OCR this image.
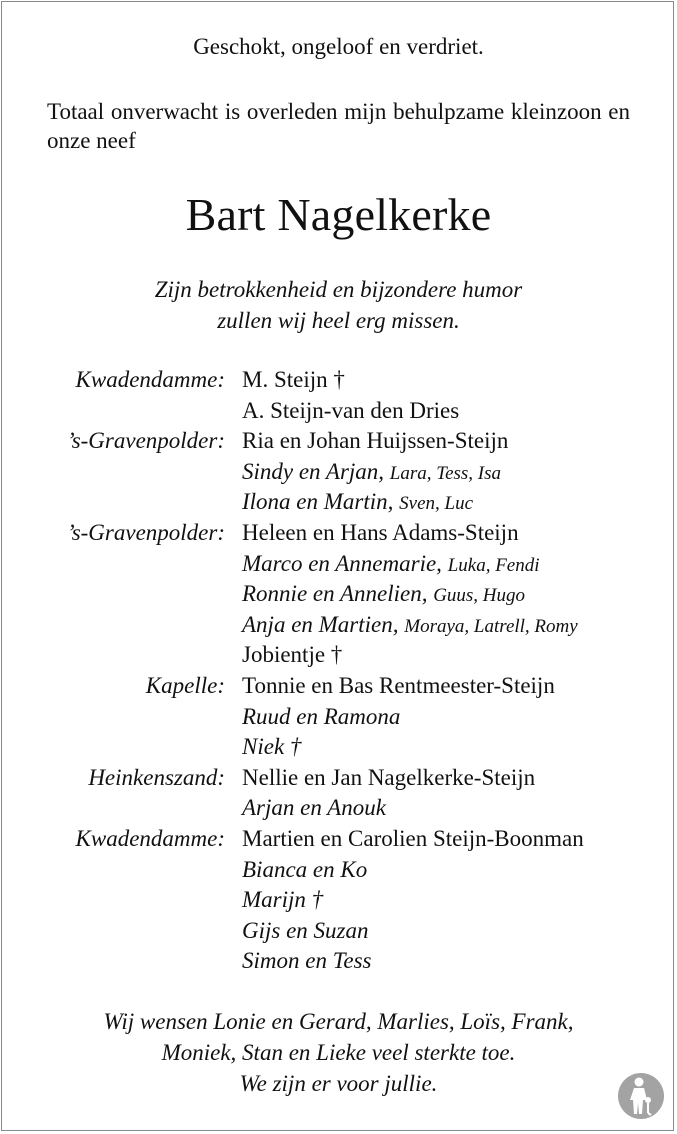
Geschokt, ongeloof en verdriet.
Totaal onverwacht is overleden mijn behulpzame kleinzoon en onze neef
Bart Nagelkerke
Zijn betrokkenheid en bijzondere humor
zullen wij heel erg missen.
Kwadendamme: M. Steijn †
A. Steijn-van den Dries
’s-Gravenpolder: Ria en Johan Huijssen-Steijn
Sindy en Arjan, Lara, Tess, Isa
Ilona en Martin, Sven, Luc
’s-Gravenpolder: Heleen en Hans Adams-Steijn
Marco en Annemarie, Luka, Fendi
Ronnie en Annelien, Guus, Hugo
Anja en Martien, Moraya, Latrell, Romy
Jobientje †
Kapelle: Tonnie en Bas Rentmeester-Steijn
Ruud en Ramona
Niek †
Heinkenszand: Nellie en Jan Nagelkerke-Steijn
Arjan en Anouk
Kwadendamme: Martien en Carolien Steijn-Boonman
Bianca en Ko
Marijn †
Gijs en Suzan
Simon en Tess
Wij wensen Lonie en Gerard, Marlies, Loïs, Frank,
Moniek, Stan en Lieke veel sterkte toe.
We zijn er voor jullie.
